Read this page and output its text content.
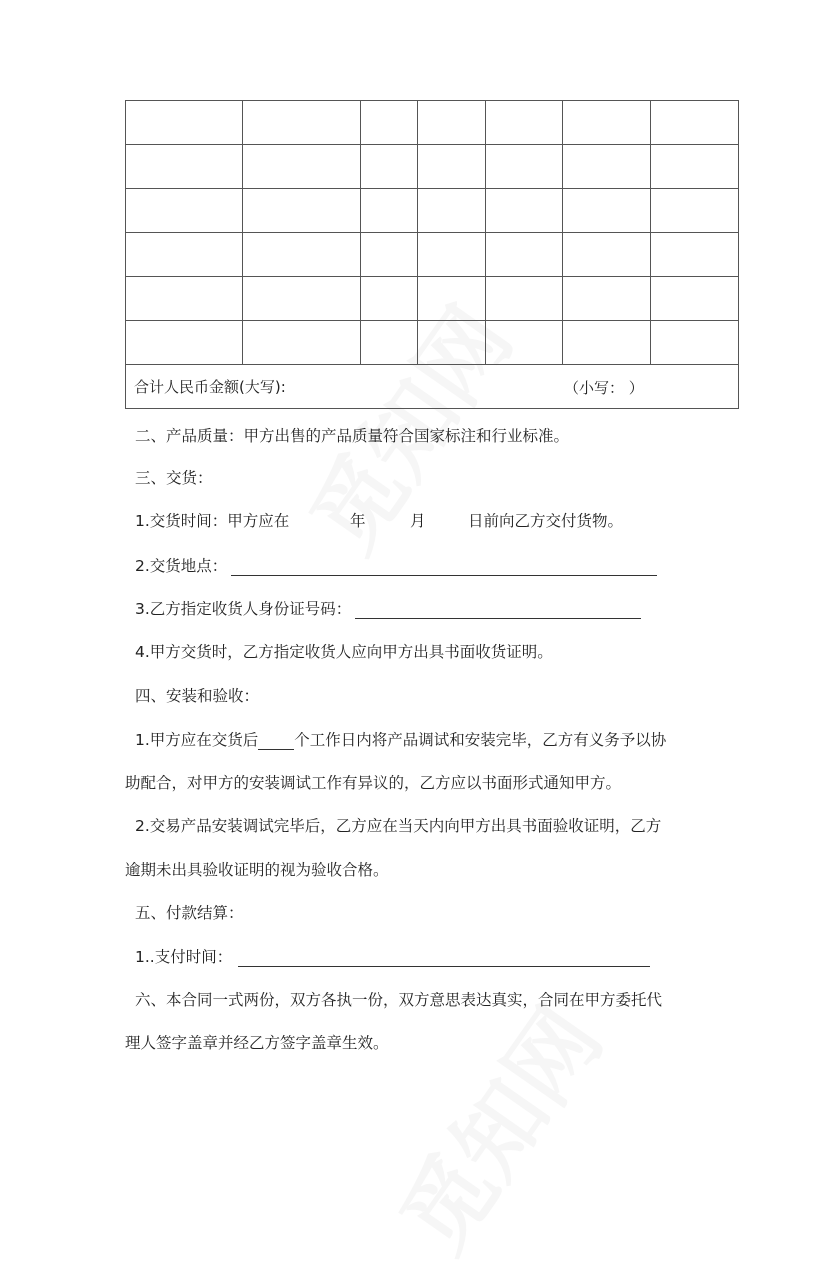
合计人民币金额(大写): （小写： ）						
二、产品质量：甲方出售的产品质量符合国家标注和行业标准。
三、交货：
1.交货时间：甲方应在	年	月	日前向乙方交付货物。
2.交货地点：
3.乙方指定收货人身份证号码：
4.甲方交货时，乙方指定收货人应向甲方出具书面收货证明。
四、安装和验收：
1.甲方应在交货后 个工作日内将产品调试和安装完毕，乙方有义务予以协
助配合，对甲方的安装调试工作有异议的，乙方应以书面形式通知甲方。
2.交易产品安装调试完毕后，乙方应在当天内向甲方出具书面验收证明，乙方
逾期未出具验收证明的视为验收合格。
五、付款结算：
1..支付时间：
六、本合同一式两份，双方各执一份，双方意思表达真实，合同在甲方委托代
理人签字盖章并经乙方签字盖章生效。
